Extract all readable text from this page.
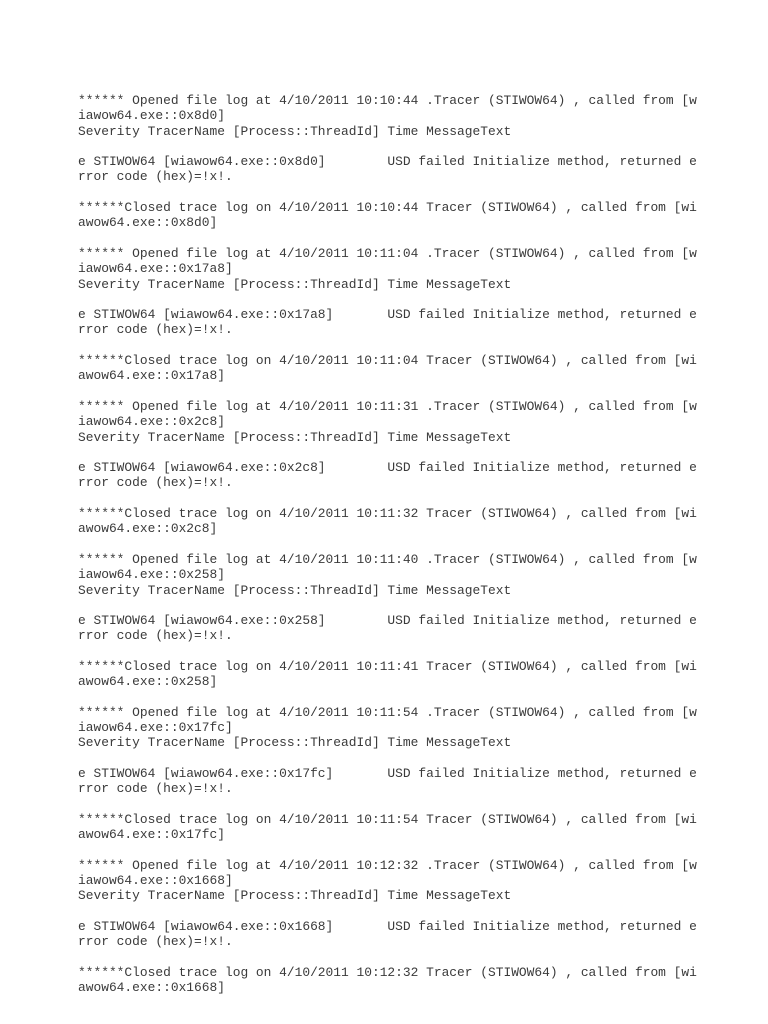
****** Opened file log at 4/10/2011 10:10:44 .Tracer (STIWOW64) , called from [w
iawow64.exe::0x8d0]
Severity TracerName [Process::ThreadId] Time MessageText
e STIWOW64 [wiawow64.exe::0x8d0]        USD failed Initialize method, returned e
rror code (hex)=!x!.
******Closed trace log on 4/10/2011 10:10:44 Tracer (STIWOW64) , called from [wi
awow64.exe::0x8d0]
****** Opened file log at 4/10/2011 10:11:04 .Tracer (STIWOW64) , called from [w
iawow64.exe::0x17a8]
Severity TracerName [Process::ThreadId] Time MessageText
e STIWOW64 [wiawow64.exe::0x17a8]       USD failed Initialize method, returned e
rror code (hex)=!x!.
******Closed trace log on 4/10/2011 10:11:04 Tracer (STIWOW64) , called from [wi
awow64.exe::0x17a8]
****** Opened file log at 4/10/2011 10:11:31 .Tracer (STIWOW64) , called from [w
iawow64.exe::0x2c8]
Severity TracerName [Process::ThreadId] Time MessageText
e STIWOW64 [wiawow64.exe::0x2c8]        USD failed Initialize method, returned e
rror code (hex)=!x!.
******Closed trace log on 4/10/2011 10:11:32 Tracer (STIWOW64) , called from [wi
awow64.exe::0x2c8]
****** Opened file log at 4/10/2011 10:11:40 .Tracer (STIWOW64) , called from [w
iawow64.exe::0x258]
Severity TracerName [Process::ThreadId] Time MessageText
e STIWOW64 [wiawow64.exe::0x258]        USD failed Initialize method, returned e
rror code (hex)=!x!.
******Closed trace log on 4/10/2011 10:11:41 Tracer (STIWOW64) , called from [wi
awow64.exe::0x258]
****** Opened file log at 4/10/2011 10:11:54 .Tracer (STIWOW64) , called from [w
iawow64.exe::0x17fc]
Severity TracerName [Process::ThreadId] Time MessageText
e STIWOW64 [wiawow64.exe::0x17fc]       USD failed Initialize method, returned e
rror code (hex)=!x!.
******Closed trace log on 4/10/2011 10:11:54 Tracer (STIWOW64) , called from [wi
awow64.exe::0x17fc]
****** Opened file log at 4/10/2011 10:12:32 .Tracer (STIWOW64) , called from [w
iawow64.exe::0x1668]
Severity TracerName [Process::ThreadId] Time MessageText
e STIWOW64 [wiawow64.exe::0x1668]       USD failed Initialize method, returned e
rror code (hex)=!x!.
******Closed trace log on 4/10/2011 10:12:32 Tracer (STIWOW64) , called from [wi
awow64.exe::0x1668]
